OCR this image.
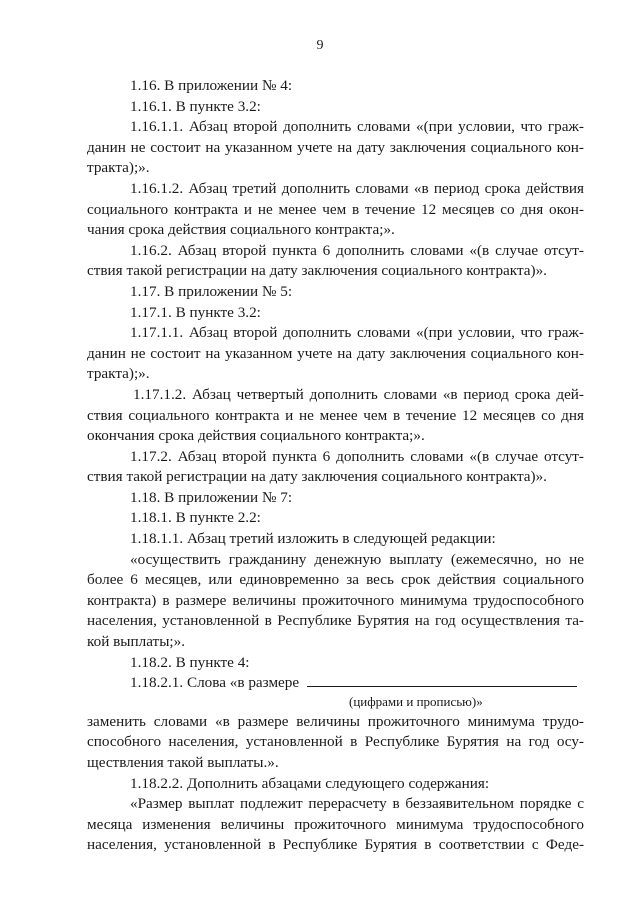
9

1.16. В приложении № 4:

1.16.1. В пункте 3.2:

1.16.1.1. Абзац второй дополнить словами «(при условии, что граж-

данин не состоит на указанном учете на дату заключения социального кон-

тракта);».

1.16.1.2. Абзац третий дополнить словами «в период срока действия

социального контракта и не менее чем в течение 12 месяцев со дня окон-

чания срока действия социального контракта;».

1.16.2. Абзац второй пункта 6 дополнить словами «(в случае отсут-

ствия такой регистрации на дату заключения социального контракта)».

1.17. В приложении № 5:

1.17.1. В пункте 3.2:

1.17.1.1. Абзац второй дополнить словами «(при условии, что граж-

данин не состоит на указанном учете на дату заключения социального кон-

тракта);».

1.17.1.2. Абзац четвертый дополнить словами «в период срока дей-

ствия социального контракта и не менее чем в течение 12 месяцев со дня

окончания срока действия социального контракта;».

1.17.2. Абзац второй пункта 6 дополнить словами «(в случае отсут-

ствия такой регистрации на дату заключения социального контракта)».

1.18. В приложении № 7:

1.18.1. В пункте 2.2:

1.18.1.1. Абзац третий изложить в следующей редакции:

«осуществить гражданину денежную выплату (ежемесячно, но не

более 6 месяцев, или единовременно за весь срок действия социального

контракта) в размере величины прожиточного минимума трудоспособного

населения, установленной в Республике Бурятия на год осуществления та-

кой выплаты;».

1.18.2. В пункте 4:

1.18.2.1. Слова «в размере

(цифрами и прописью)»

заменить словами «в размере величины прожиточного минимума трудо-

способного населения, установленной в Республике Бурятия на год осу-

ществления такой выплаты.».

1.18.2.2. Дополнить абзацами следующего содержания:

«Размер выплат подлежит перерасчету в беззаявительном порядке с

месяца изменения величины прожиточного минимума трудоспособного

населения, установленной в Республике Бурятия в соответствии с Феде-
